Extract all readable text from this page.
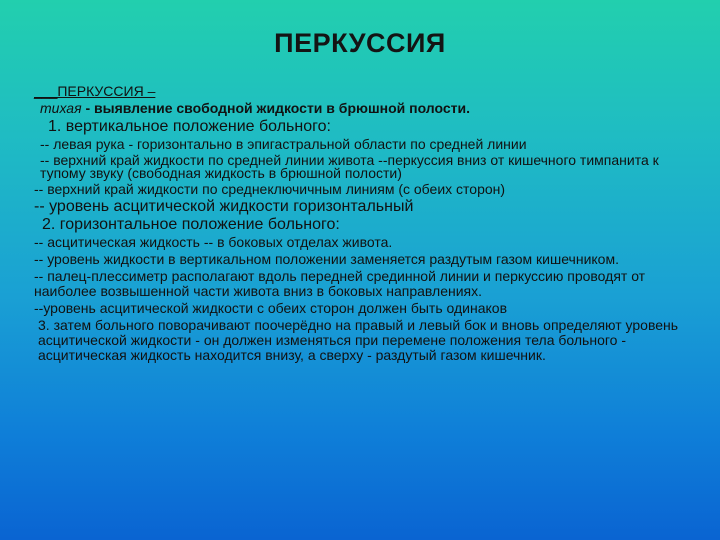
ПЕРКУССИЯ
___ПЕРКУССИЯ –
тихая - выявление свободной жидкости в брюшной полости.
1. вертикальное положение больного:
-- левая рука - горизонтально в эпигастральной области по средней линии
-- верхний край жидкости по средней линии живота --перкуссия вниз от кишечного тимпанита к тупому звуку (свободная жидкость в брюшной полости)
-- верхний край жидкости по среднеключичным линиям (с обеих сторон)
-- уровень асцитической жидкости горизонтальный
2. горизонтальное положение больного:
-- асцитическая жидкость -- в боковых отделах живота.
-- уровень жидкости в вертикальном положении заменяется раздутым газом кишечником.
-- палец-плессиметр располагают вдоль передней срединной линии и перкуссию проводят от наиболее возвышенной части живота вниз в боковых направлениях.
--уровень асцитической жидкости с обеих сторон должен быть одинаков
3. затем больного поворачивают поочерёдно на правый и левый бок и вновь определяют уровень асцитической жидкости - он должен изменяться при перемене положения тела больного - асцитическая жидкость находится внизу, а сверху - раздутый газом кишечник.
